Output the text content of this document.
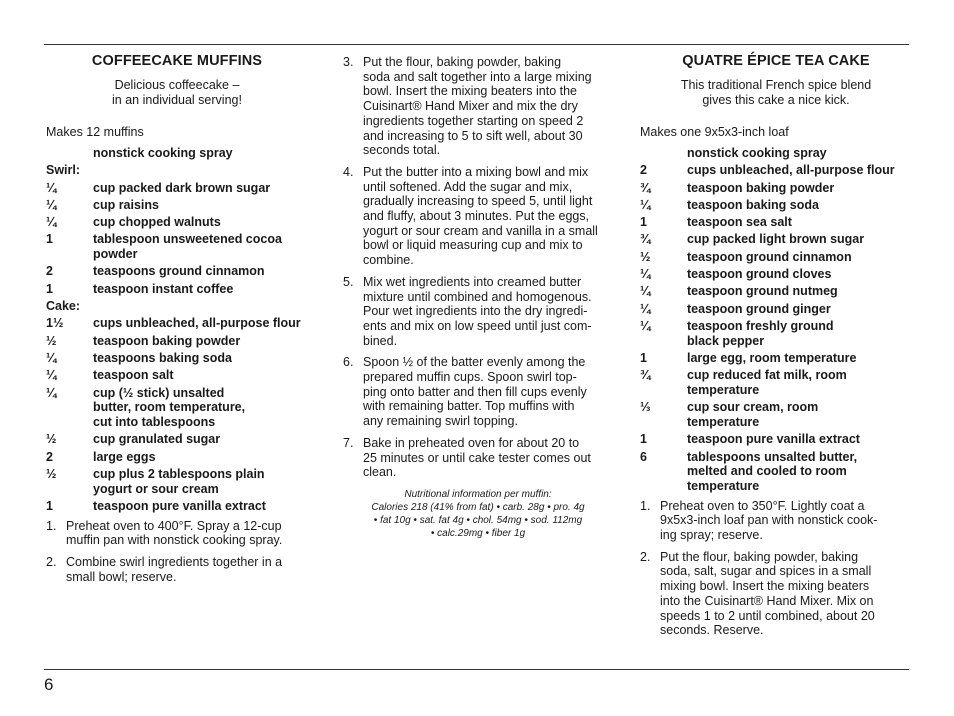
COFFEECAKE MUFFINS
Delicious coffeecake –
in an individual serving!
Makes 12 muffins
nonstick cooking spray
Swirl:
¼	cup packed dark brown sugar
¼	cup raisins
¼	cup chopped walnuts
1	tablespoon unsweetened cocoa powder
2	teaspoons ground cinnamon
1	teaspoon instant coffee
Cake:
1½	cups unbleached, all-purpose flour
½	teaspoon baking powder
¼	teaspoons baking soda
¼	teaspoon salt
¼	cup (½ stick) unsalted
butter, room temperature,
cut into tablespoons
½	cup granulated sugar
2	large eggs
½	cup plus 2 tablespoons plain
yogurt or sour cream
1	teaspoon pure vanilla extract
1. Preheat oven to 400°F. Spray a 12-cup
muffin pan with nonstick cooking spray.
2. Combine swirl ingredients together in a
small bowl; reserve.
3. Put the flour, baking powder, baking
soda and salt together into a large mixing
bowl. Insert the mixing beaters into the
Cuisinart® Hand Mixer and mix the dry
ingredients together starting on speed 2
and increasing to 5 to sift well, about 30
seconds total.
4. Put the butter into a mixing bowl and mix
until softened. Add the sugar and mix,
gradually increasing to speed 5, until light
and fluffy, about 3 minutes. Put the eggs,
yogurt or sour cream and vanilla in a small
bowl or liquid measuring cup and mix to
combine.
5. Mix wet ingredients into creamed butter
mixture until combined and homogenous.
Pour wet ingredients into the dry ingredi-
ents and mix on low speed until just com-
bined.
6. Spoon ½ of the batter evenly among the
prepared muffin cups. Spoon swirl top-
ping onto batter and then fill cups evenly
with remaining batter. Top muffins with
any remaining swirl topping.
7. Bake in preheated oven for about 20 to
25 minutes or until cake tester comes out
clean.
Nutritional information per muffin:
Calories 218 (41% from fat) • carb. 28g • pro. 4g
• fat 10g • sat. fat 4g • chol. 54mg • sod. 112mg
• calc.29mg • fiber 1g
QUATRE ÉPICE TEA CAKE
This traditional French spice blend
gives this cake a nice kick.
Makes one 9x5x3-inch loaf
nonstick cooking spray
2	cups unbleached, all-purpose flour
¾	teaspoon baking powder
¼	teaspoon baking soda
1	teaspoon sea salt
¾	cup packed light brown sugar
½	teaspoon ground cinnamon
¼	teaspoon ground cloves
¼	teaspoon ground nutmeg
¼	teaspoon ground ginger
¼	teaspoon freshly ground
black pepper
1	large egg, room temperature
¾	cup reduced fat milk, room
temperature
⅓	cup sour cream, room
temperature
1	teaspoon pure vanilla extract
6	tablespoons unsalted butter,
melted and cooled to room
temperature
1. Preheat oven to 350°F. Lightly coat a
9x5x3-inch loaf pan with nonstick cook-
ing spray; reserve.
2. Put the flour, baking powder, baking
soda, salt, sugar and spices in a small
mixing bowl. Insert the mixing beaters
into the Cuisinart® Hand Mixer. Mix on
speeds 1 to 2 until combined, about 20
seconds. Reserve.
6
